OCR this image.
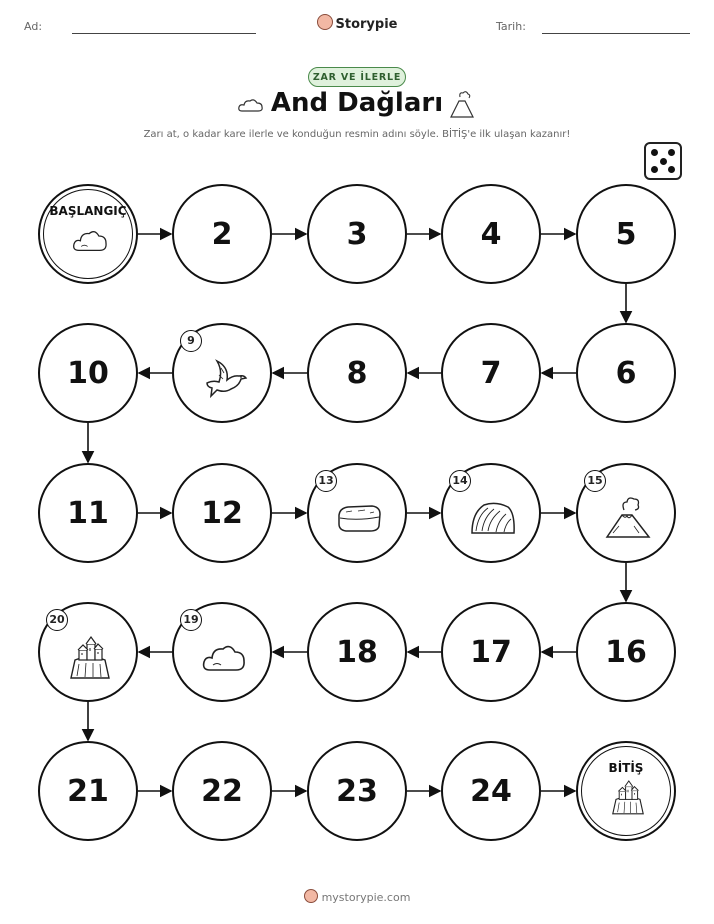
Ad:	Storypie	Tarih:
ZAR VE İLERLE
And Dağları
Zarı at, o kadar kare ilerle ve konduğun resmin adını söyle. BİTİŞ'e ilk ulaşan kazanır!
BAŞLANGIÇ
2	3	4	5
6
7
8
9
10
11	12
13	14	15
16
17
18
19
20
21	22	23	24
BİTİŞ
mystorypie.com
